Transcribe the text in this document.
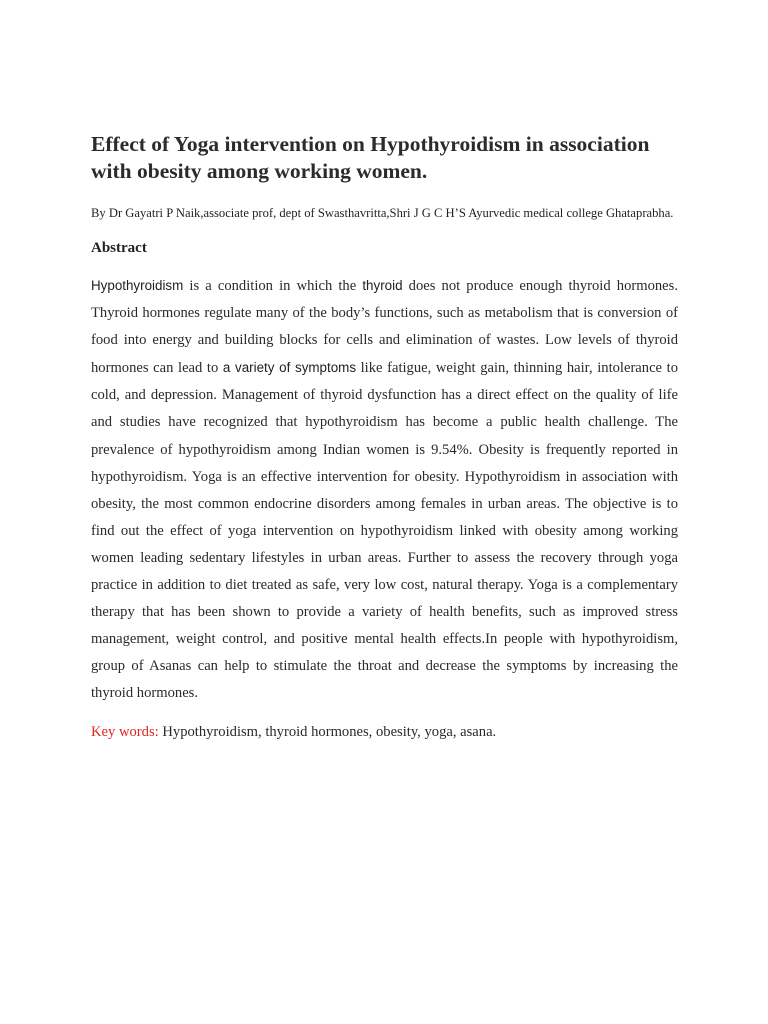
Effect of Yoga intervention on Hypothyroidism in association with obesity among working women.

By Dr Gayatri P Naik,associate prof, dept of Swasthavritta,Shri J G C H’S Ayurvedic medical college Ghataprabha.

Abstract

Hypothyroidism is a condition in which the thyroid does not produce enough thyroid hormones. Thyroid hormones regulate many of the body’s functions, such as metabolism that is conversion of food into energy and building blocks for cells and elimination of wastes. Low levels of thyroid hormones can lead to a variety of symptoms like fatigue, weight gain, thinning hair, intolerance to cold, and depression. Management of thyroid dysfunction has a direct effect on the quality of life and studies have recognized that hypothyroidism has become a public health challenge. The prevalence of hypothyroidism among Indian women is 9.54%. Obesity is frequently reported in hypothyroidism. Yoga is an effective intervention for obesity. Hypothyroidism in association with obesity, the most common endocrine disorders among females in urban areas. The objective is to find out the effect of yoga intervention on hypothyroidism linked with obesity among working women leading sedentary lifestyles in urban areas. Further to assess the recovery through yoga practice in addition to diet treated as safe, very low cost, natural therapy. Yoga is a complementary therapy that has been shown to provide a variety of health benefits, such as improved stress management, weight control, and positive mental health effects.In people with hypothyroidism, group of Asanas can help to stimulate the throat and decrease the symptoms by increasing the thyroid hormones.

Key words: Hypothyroidism, thyroid hormones, obesity, yoga, asana.
